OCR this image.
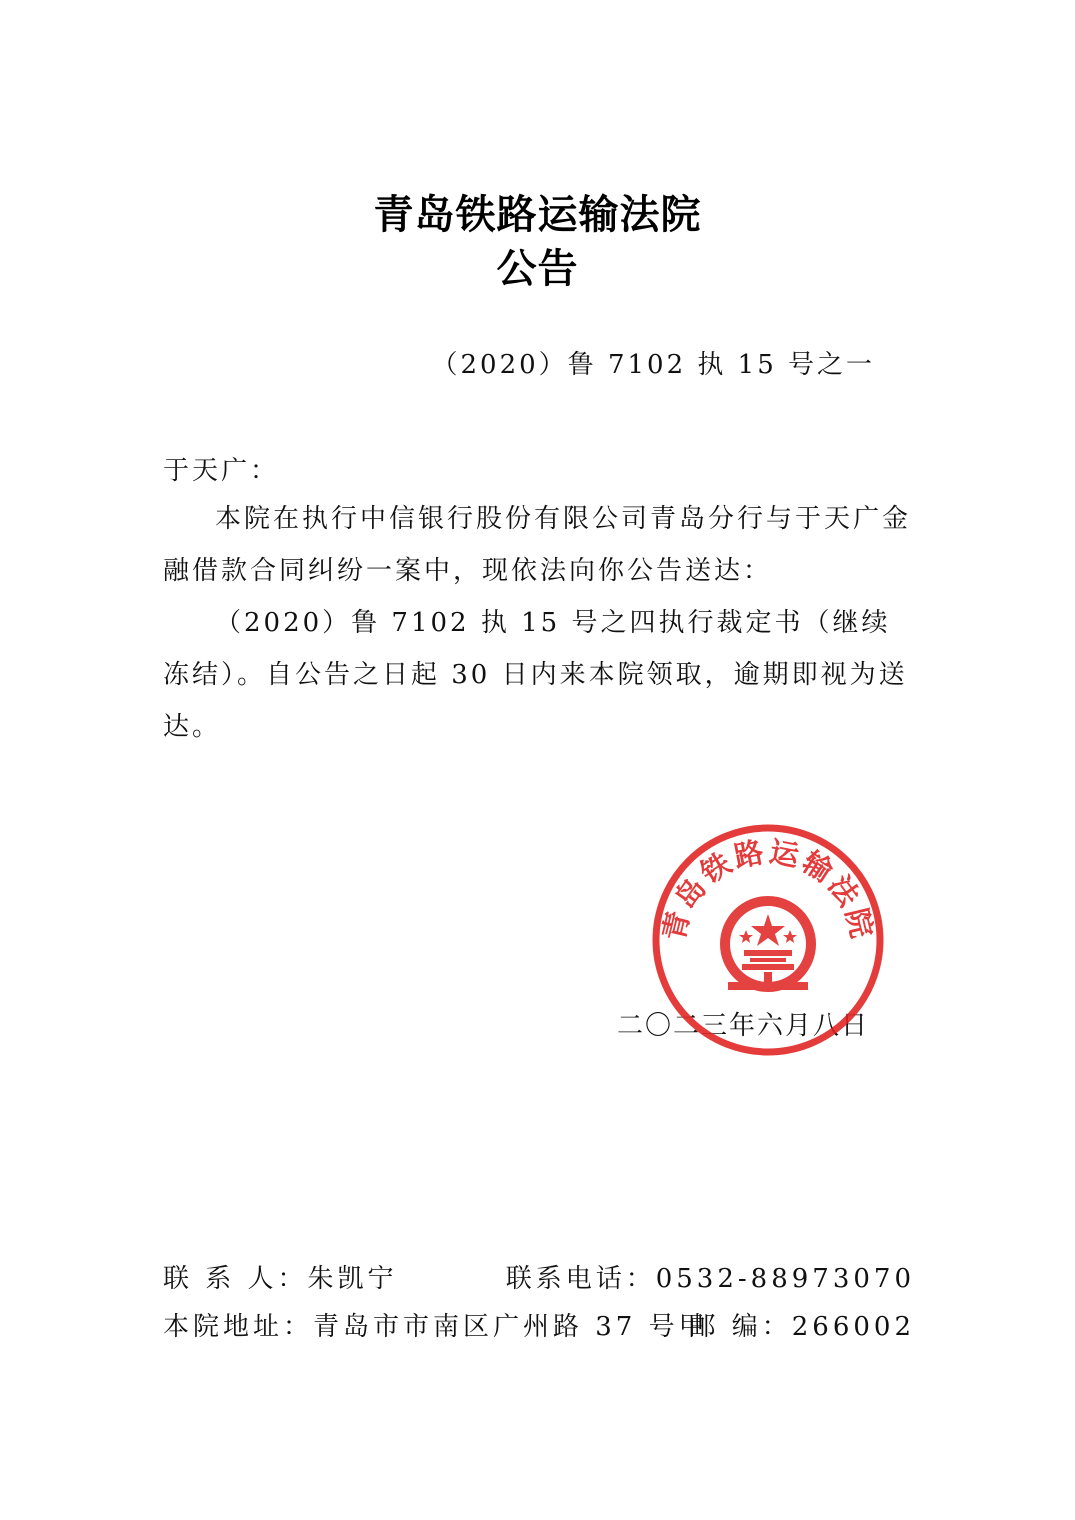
青岛铁路运输法院
公告
（2020）鲁 7102 执 15 号之一
于天广：

本院在执行中信银行股份有限公司青岛分行与于天广金融借款合同纠纷一案中，现依法向你公告送达：

（2020）鲁 7102 执 15 号之四执行裁定书（继续冻结）。自公告之日起 30 日内来本院领取，逾期即视为送达。

二〇二三年六月八日
青岛铁路运输法院
联 系 人：朱凯宁	联系电话：0532-88973070
本院地址：青岛市市南区广州路 37 号甲
邮 编：266002
